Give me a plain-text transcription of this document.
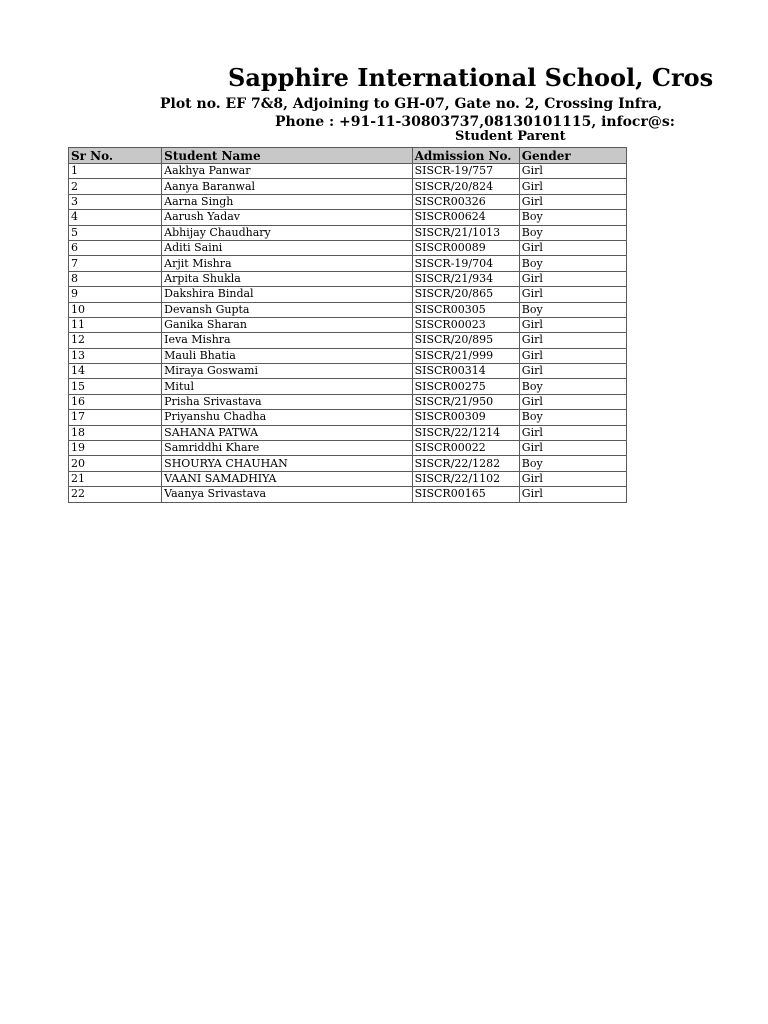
Sapphire International School, Cros
Plot no. EF 7&8, Adjoining to GH-07, Gate no. 2, Crossing Infra,
Phone : +91-11-30803737,08130101115, infocr@s:
Student Parent
Sr No.	Student Name	Admission No.	Gender
1	Aakhya Panwar	SISCR-19/757	Girl
2	Aanya Baranwal	SISCR/20/824	Girl
3	Aarna Singh	SISCR00326	Girl
4	Aarush Yadav	SISCR00624	Boy
5	Abhijay Chaudhary	SISCR/21/1013	Boy
6	Aditi Saini	SISCR00089	Girl
7	Arjit Mishra	SISCR-19/704	Boy
8	Arpita Shukla	SISCR/21/934	Girl
9	Dakshira Bindal	SISCR/20/865	Girl
10	Devansh Gupta	SISCR00305	Boy
11	Ganika Sharan	SISCR00023	Girl
12	Ieva Mishra	SISCR/20/895	Girl
13	Mauli Bhatia	SISCR/21/999	Girl
14	Miraya Goswami	SISCR00314	Girl
15	Mitul	SISCR00275	Boy
16	Prisha Srivastava	SISCR/21/950	Girl
17	Priyanshu Chadha	SISCR00309	Boy
18	SAHANA PATWA	SISCR/22/1214	Girl
19	Samriddhi Khare	SISCR00022	Girl
20	SHOURYA CHAUHAN	SISCR/22/1282	Boy
21	VAANI SAMADHIYA	SISCR/22/1102	Girl
22	Vaanya Srivastava	SISCR00165	Girl
